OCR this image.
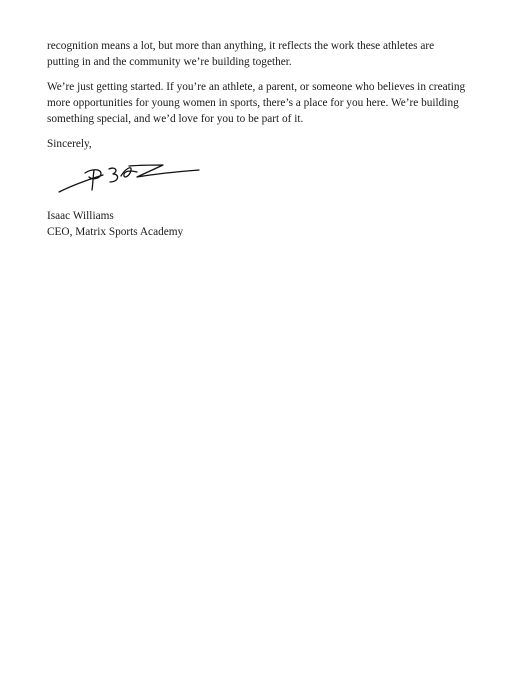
recognition means a lot, but more than anything, it reflects the work these athletes are
putting in and the community we’re building together.

We’re just getting started. If you’re an athlete, a parent, or someone who believes in creating
more opportunities for young women in sports, there’s a place for you here. We’re building
something special, and we’d love for you to be part of it.

Sincerely,

Isaac Williams
CEO, Matrix Sports Academy
